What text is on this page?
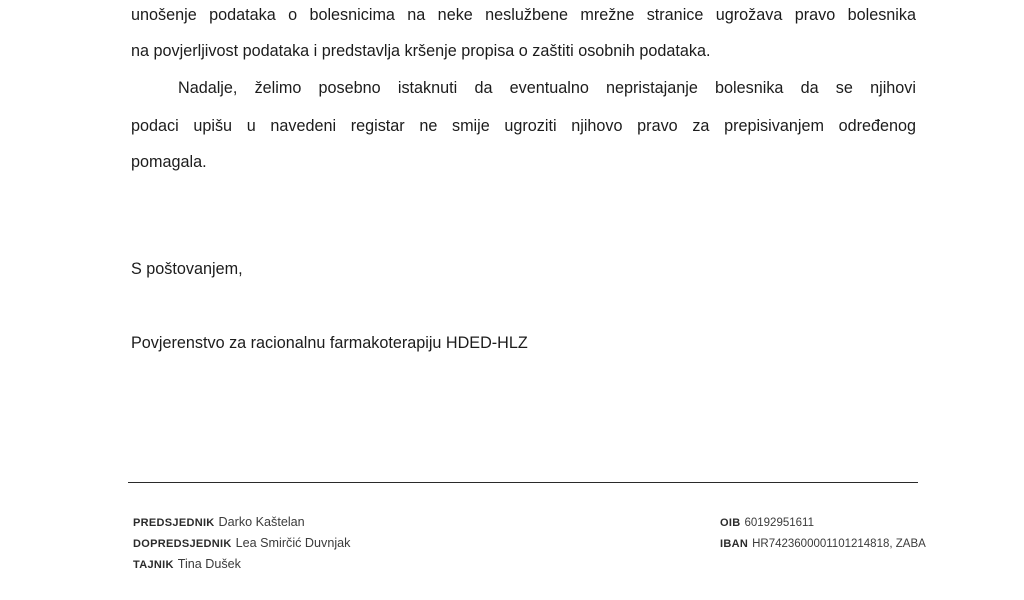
unošenje podataka o bolesnicima na neke neslužbene mrežne stranice ugrožava pravo bolesnika

na povjerljivost podataka i predstavlja kršenje propisa o zaštiti osobnih podataka.

Nadalje, želimo posebno istaknuti da eventualno nepristajanje bolesnika da se njihovi

podaci upišu u navedeni registar ne smije ugroziti njihovo pravo za prepisivanjem određenog

pomagala.

S poštovanjem,

Povjerenstvo za racionalnu farmakoterapiju HDED-HLZ

PREDSJEDNIK Darko Kaštelan
DOPREDSJEDNIK Lea Smirčić Duvnjak
TAJNIK Tina Dušek
OIB 60192951611
IBAN HR7423600001101214818, ZABA
